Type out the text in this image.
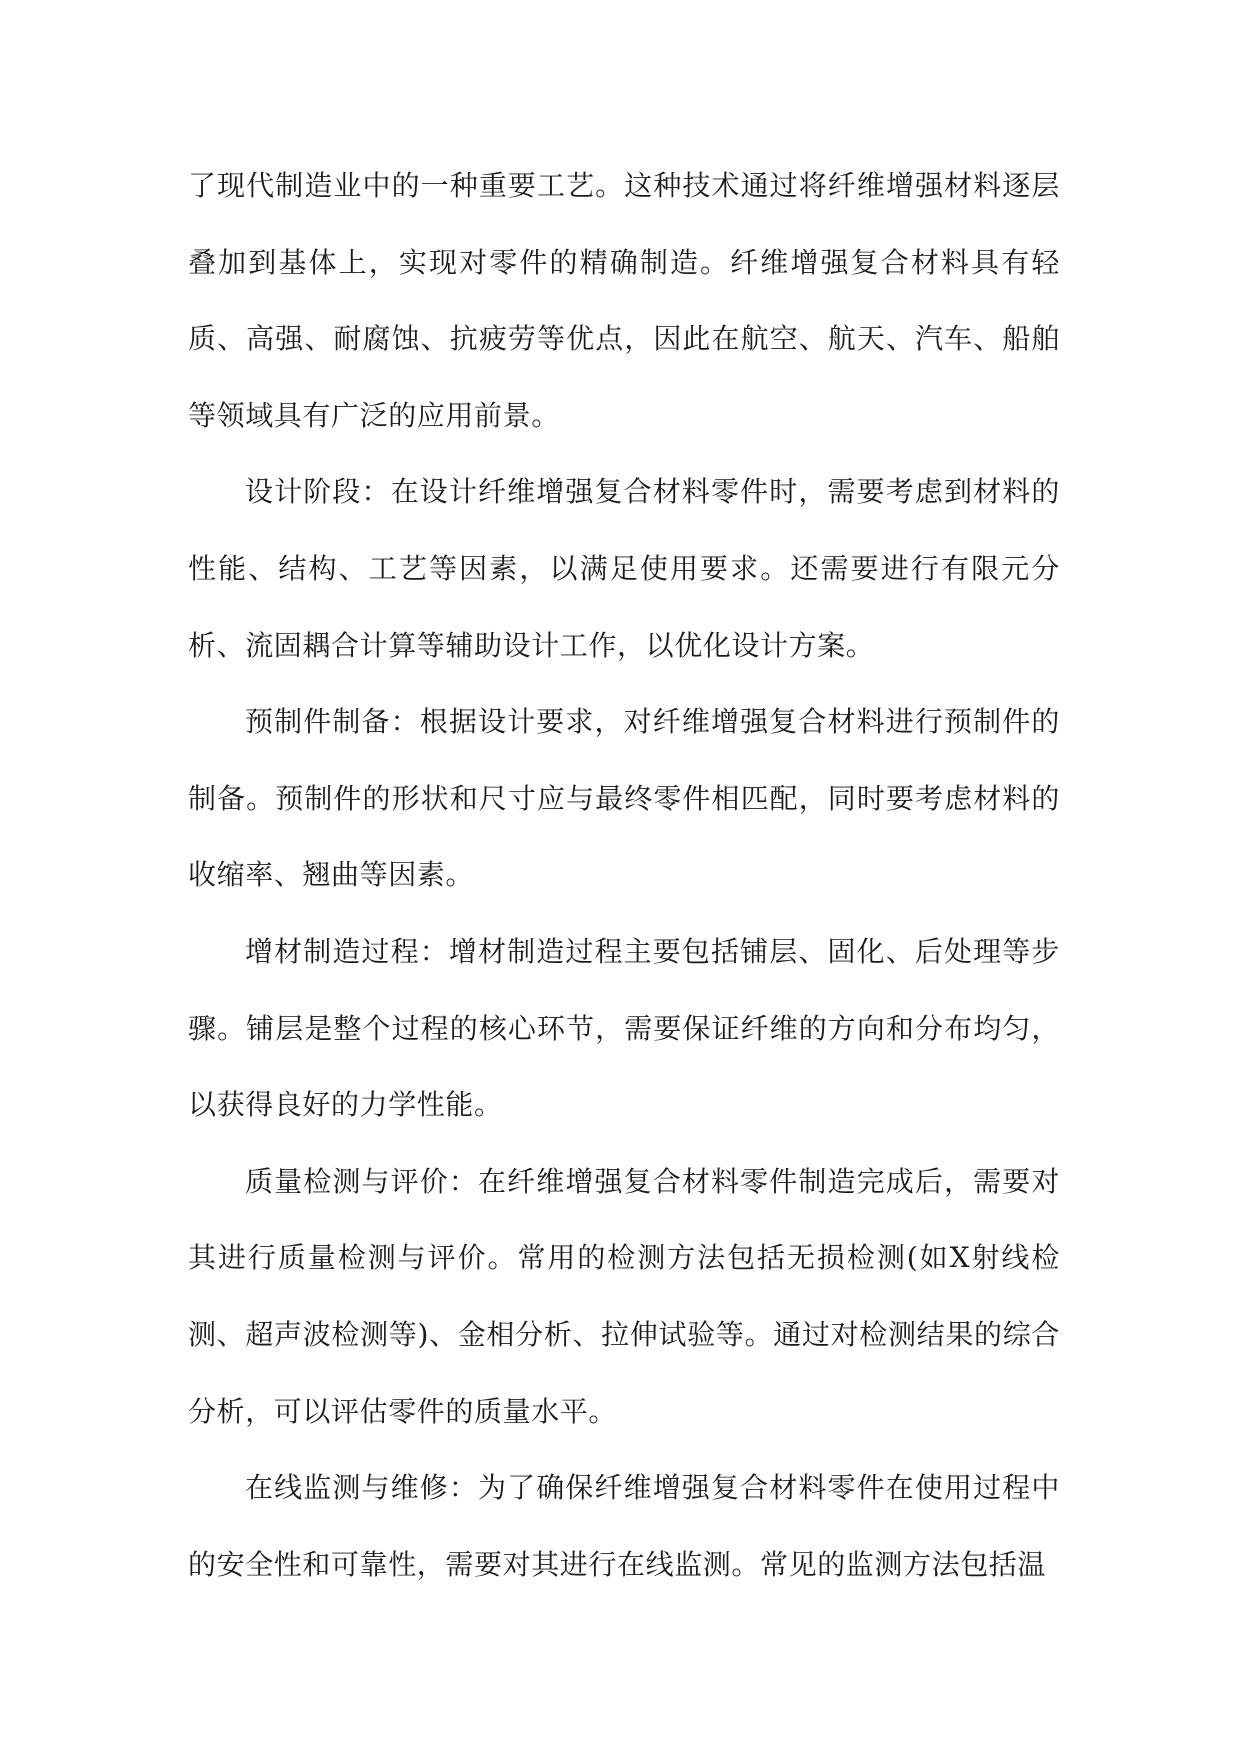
了现代制造业中的一种重要工艺。这种技术通过将纤维增强材料逐层叠加到基体上，实现对零件的精确制造。纤维增强复合材料具有轻质、高强、耐腐蚀、抗疲劳等优点，因此在航空、航天、汽车、船舶等领域具有广泛的应用前景。

设计阶段：在设计纤维增强复合材料零件时，需要考虑到材料的性能、结构、工艺等因素，以满足使用要求。还需要进行有限元分析、流固耦合计算等辅助设计工作，以优化设计方案。

预制件制备：根据设计要求，对纤维增强复合材料进行预制件的制备。预制件的形状和尺寸应与最终零件相匹配，同时要考虑材料的收缩率、翘曲等因素。

增材制造过程：增材制造过程主要包括铺层、固化、后处理等步骤。铺层是整个过程的核心环节，需要保证纤维的方向和分布均匀，以获得良好的力学性能。

质量检测与评价：在纤维增强复合材料零件制造完成后，需要对其进行质量检测与评价。常用的检测方法包括无损检测(如X射线检测、超声波检测等)、金相分析、拉伸试验等。通过对检测结果的综合分析，可以评估零件的质量水平。

在线监测与维修：为了确保纤维增强复合材料零件在使用过程中的安全性和可靠性，需要对其进行在线监测。常见的监测方法包括温
